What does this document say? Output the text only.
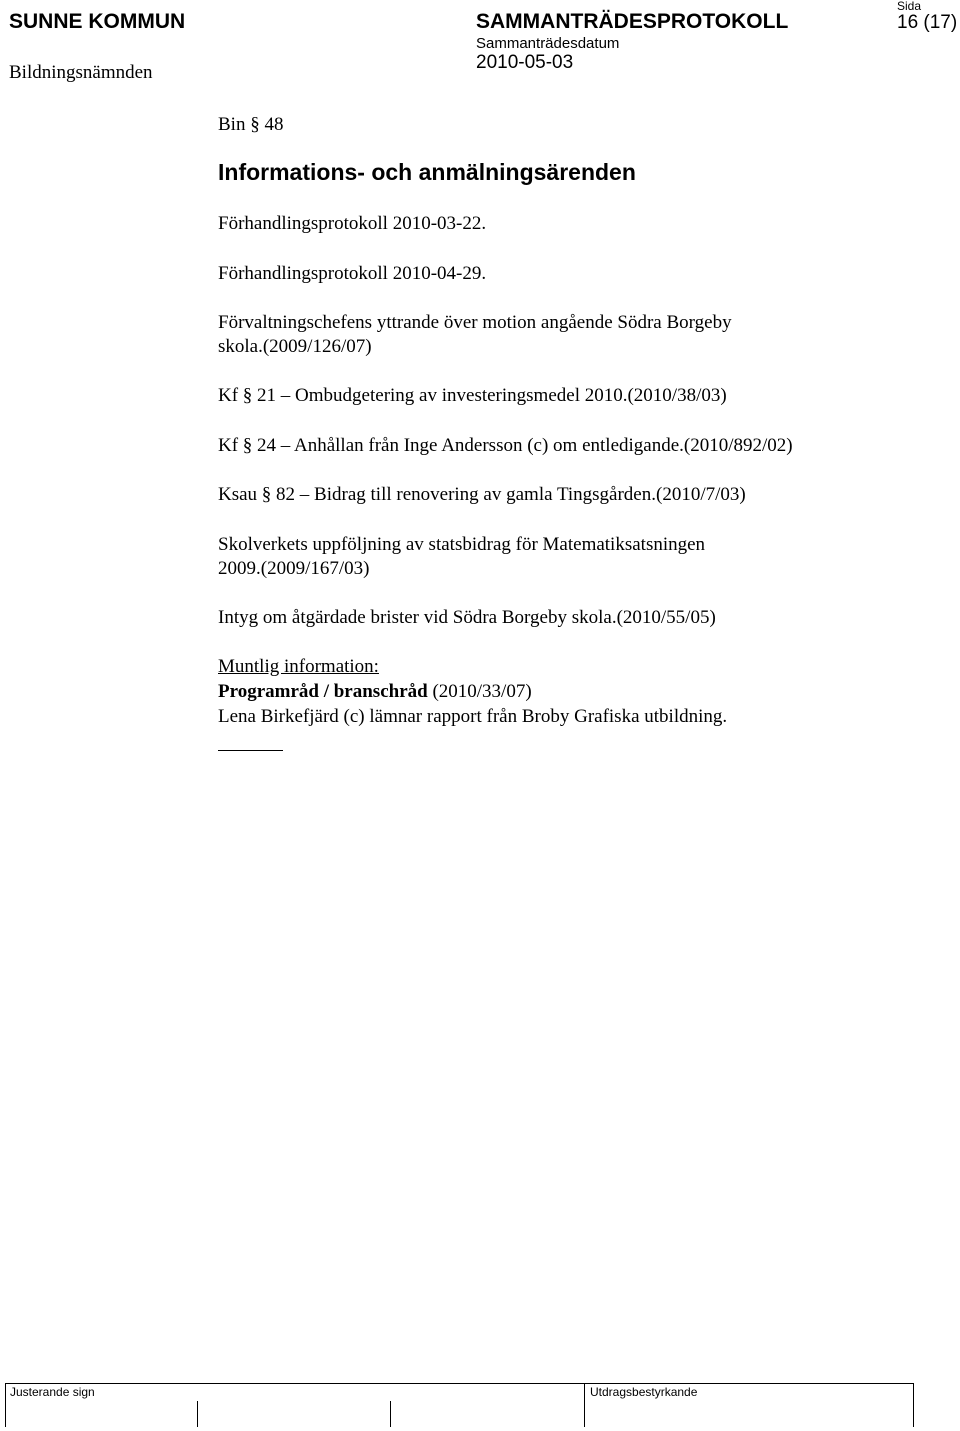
SUNNE KOMMUN
Bildningsnämnden
SAMMANTRÄDESPROTOKOLL
Sammanträdesdatum
2010-05-03
Sida
16 (17)
Bin § 48
Informations- och anmälningsärenden
Förhandlingsprotokoll 2010-03-22.
Förhandlingsprotokoll 2010-04-29.
Förvaltningschefens yttrande över motion angående Södra Borgeby
skola.(2009/126/07)
Kf § 21 – Ombudgetering av investeringsmedel 2010.(2010/38/03)
Kf § 24 – Anhållan från Inge Andersson (c) om entledigande.(2010/892/02)
Ksau § 82 – Bidrag till renovering av gamla Tingsgården.(2010/7/03)
Skolverkets uppföljning av statsbidrag för Matematiksatsningen
2009.(2009/167/03)
Intyg om åtgärdade brister vid Södra Borgeby skola.(2010/55/05)
Muntlig information:
Programråd / branschråd (2010/33/07)
Lena Birkefjärd (c) lämnar rapport från Broby Grafiska utbildning.
Justerande sign	Utdragsbestyrkande
